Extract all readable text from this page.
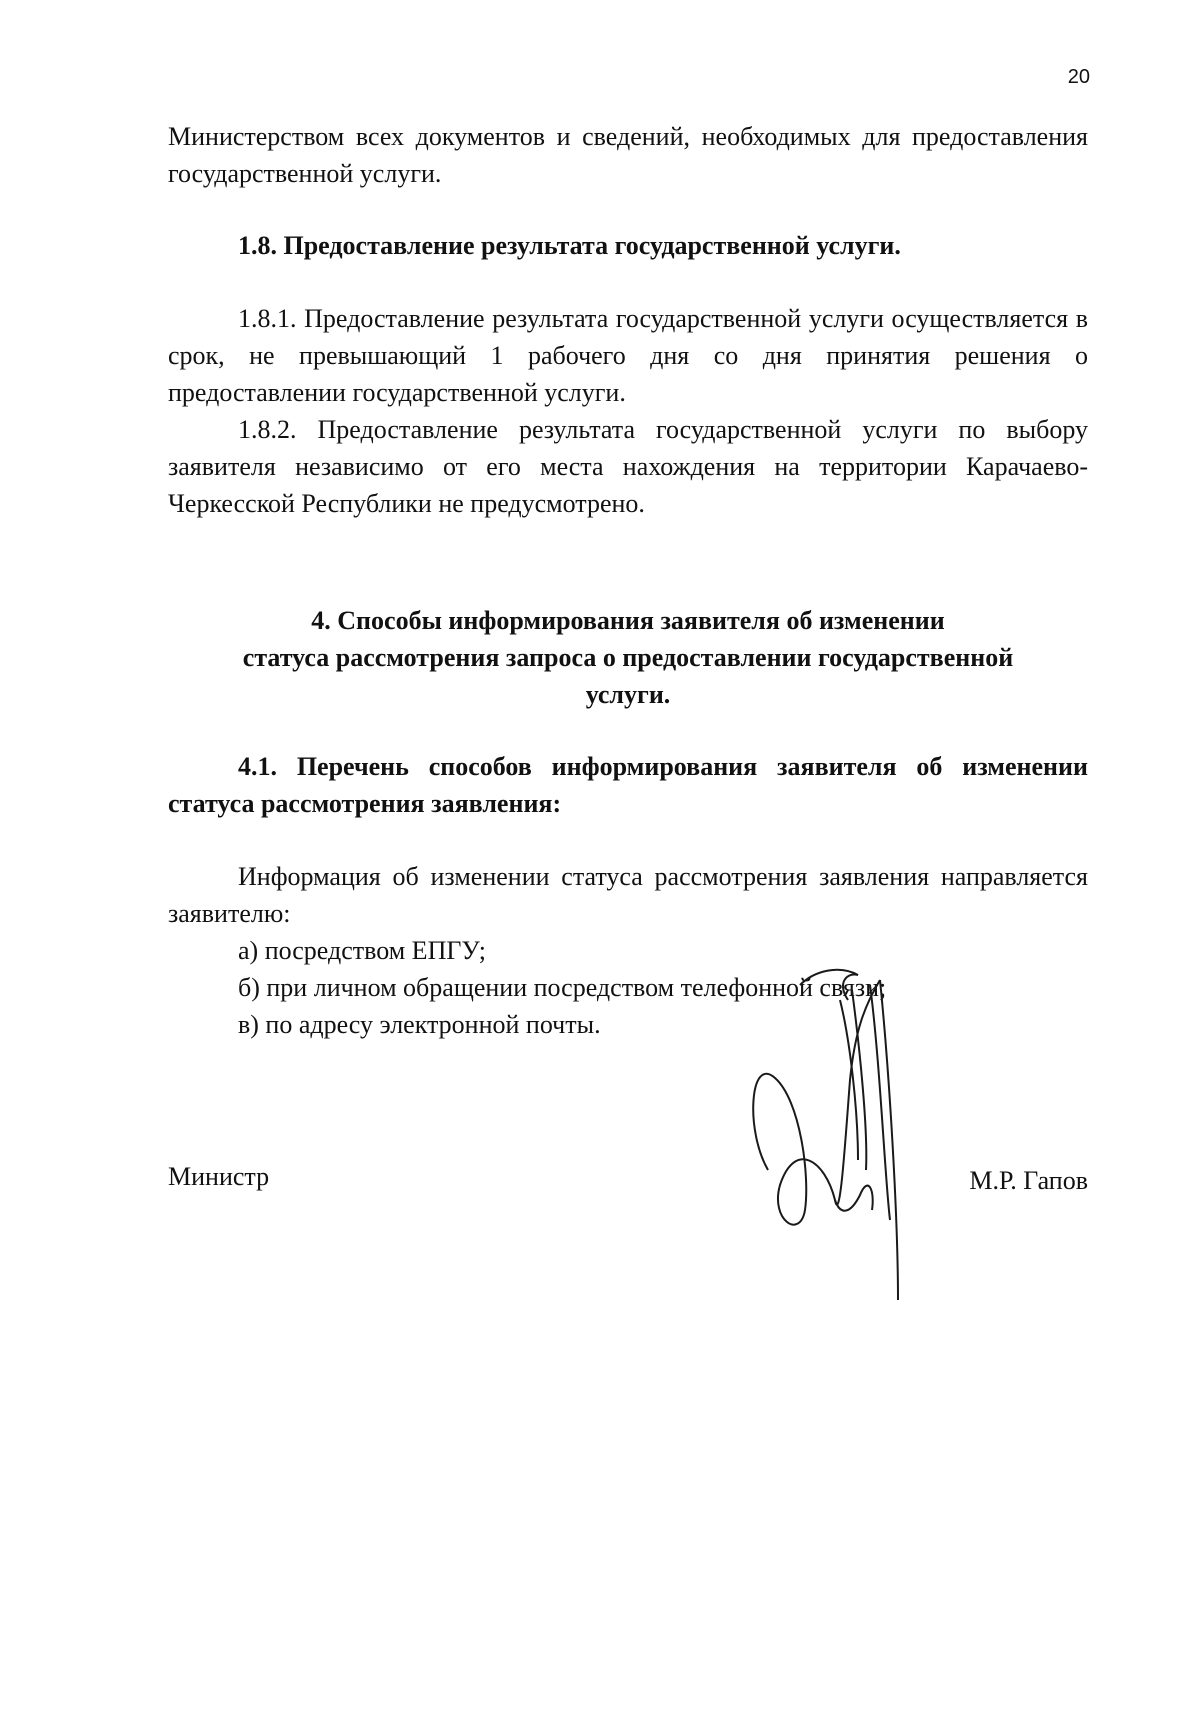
20

Министерством всех документов и сведений, необходимых для предоставления государственной услуги.

1.8. Предоставление результата государственной услуги.

1.8.1. Предоставление результата государственной услуги осуществляется в срок, не превышающий 1 рабочего дня со дня принятия решения о предоставлении государственной услуги.

1.8.2. Предоставление результата государственной услуги по выбору заявителя независимо от его места нахождения на территории Карачаево-Черкесской Республики не предусмотрено.

4. Способы информирования заявителя об изменении
статуса рассмотрения запроса о предоставлении государственной
услуги.

4.1. Перечень способов информирования заявителя об изменении статуса рассмотрения заявления:

Информация об изменении статуса рассмотрения заявления направляется заявителю:

а) посредством ЕПГУ;

б) при личном обращении посредством телефонной связи;

в) по адресу электронной почты.

Министр	М.Р. Гапов
